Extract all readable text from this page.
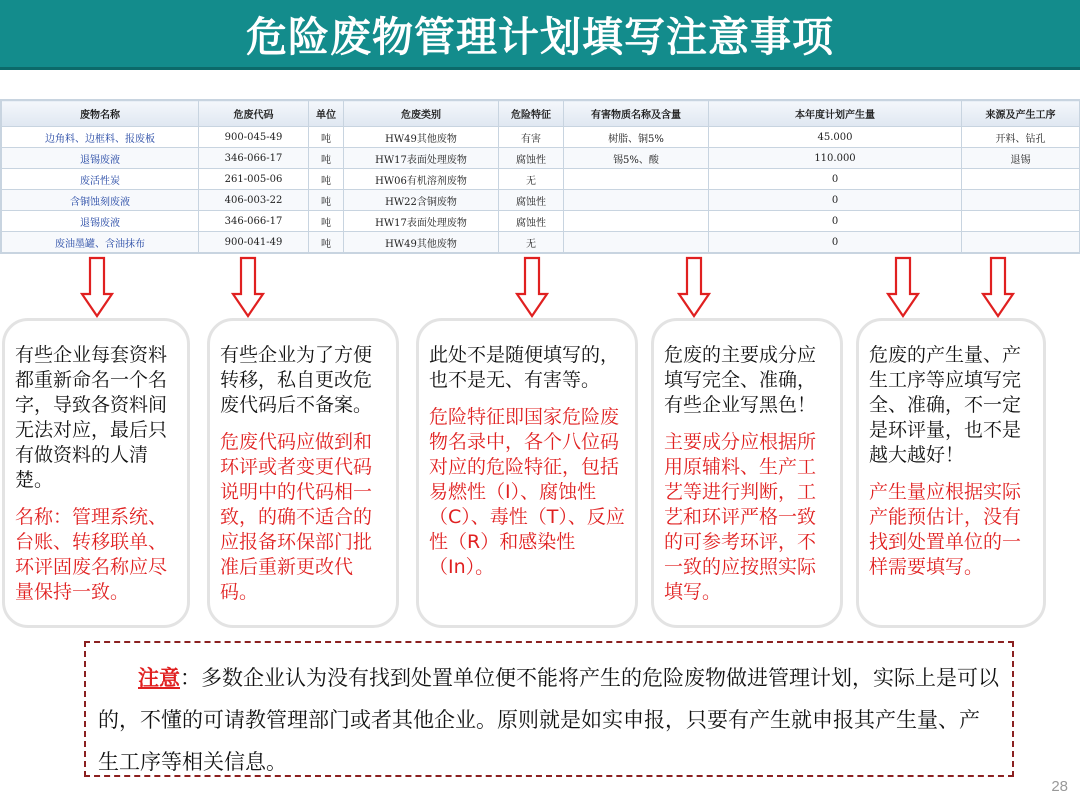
危险废物管理计划填写注意事项
废物名称	危废代码	单位	危废类别	危险特征	有害物质名称及含量	本年度计划产生量	来源及产生工序
边角料、边框料、报废板	900-045-49	吨	HW49其他废物	有害	树脂、铜5%	45.000	开料、钻孔
退锡废液	346-066-17	吨	HW17表面处理废物	腐蚀性	锡5%、酸	110.000	退锡
废活性炭	261-005-06	吨	HW06有机溶剂废物	无		0	
含铜蚀刻废液	406-003-22	吨	HW22含铜废物	腐蚀性		0	
退锡废液	346-066-17	吨	HW17表面处理废物	腐蚀性		0	
废油墨罐、含油抹布	900-041-49	吨	HW49其他废物	无		0	

有些企业每套资料都重新命名一个名字，导致各资料间无法对应，最后只有做资料的人清楚。

名称：管理系统、台账、转移联单、环评固废名称应尽量保持一致。

有些企业为了方便转移，私自更改危废代码后不备案。

危废代码应做到和环评或者变更代码说明中的代码相一致，的确不适合的应报备环保部门批准后重新更改代码。

此处不是随便填写的，也不是无、有害等。

危险特征即国家危险废物名录中，各个八位码对应的危险特征，包括易燃性（I）、腐蚀性（C）、毒性（T）、反应性（R）和感染性（In）。

危废的主要成分应填写完全、准确，有些企业写黑色！

主要成分应根据所用原辅料、生产工艺等进行判断，工艺和环评严格一致的可参考环评，不一致的应按照实际填写。

危废的产生量、产生工序等应填写完全、准确，不一定是环评量，也不是越大越好！

产生量应根据实际产能预估计，没有找到处置单位的一样需要填写。

注意：多数企业认为没有找到处置单位便不能将产生的危险废物做进管理计划，实际上是可以的，不懂的可请教管理部门或者其他企业。原则就是如实申报，只要有产生就申报其产生量、产生工序等相关信息。
28
